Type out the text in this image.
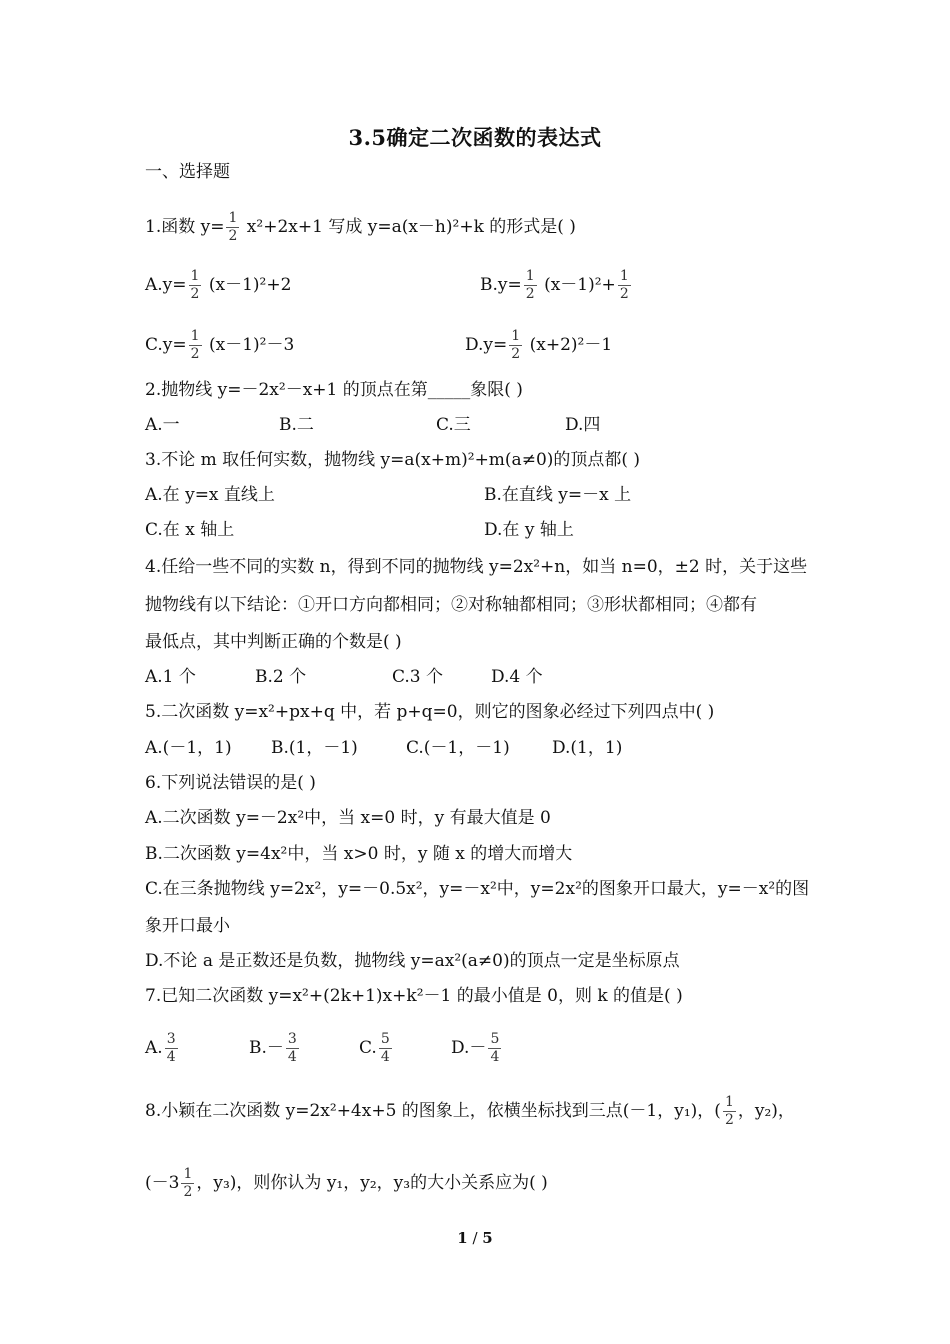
3.5确定二次函数的表达式
一、选择题
1.函数 $y= \frac{1}{2} x^2+2x+1$ 写成 y=a(x－h)²+k 的形式是( )
$A.y= \frac{1}{2} (x-1)^2+2$	$B.y= \frac{1}{2} (x-1)^2+ \frac{1}{2}$
$C.y= \frac{1}{2} (x-1)^2-3$	$D.y= \frac{1}{2} (x+2)^2-1$
2.抛物线 y=－2x²－x+1 的顶点在第_____象限( )
A.一	B.二	C.三	D.四
3.不论 m 取任何实数，抛物线 y=a(x+m)²+m(a≠0)的顶点都( )
A.在 y=x 直线上	B.在直线 y=－x 上
C.在 x 轴上	D.在 y 轴上
4.任给一些不同的实数 n，得到不同的抛物线 y=2x²+n，如当 n=0，±2 时，关于这些
抛物线有以下结论：①开口方向都相同；②对称轴都相同；③形状都相同；④都有
最低点，其中判断正确的个数是( )
A.1 个	B.2 个	C.3 个	D.4 个
5.二次函数 y=x²+px+q 中，若 p+q=0，则它的图象必经过下列四点中( )
A.(－1，1) B.(1，－1)	C.(－1，－1) D.(1，1)
6.下列说法错误的是( )
A.二次函数 y=－2x²中，当 x=0 时，y 有最大值是 0
B.二次函数 y=4x²中，当 x>0 时，y 随 x 的增大而增大
C.在三条抛物线 y=2x²，y=－0.5x²，y=－x²中，y=2x²的图象开口最大，y=－x²的图
象开口最小
D.不论 a 是正数还是负数，抛物线 y=ax²(a≠0)的顶点一定是坐标原点
7.已知二次函数 y=x²+(2k+1)x+k²－1 的最小值是 0，则 k 的值是( )
A. $\frac{3}{4}$	$B.- \frac{3}{4}$	C. $\frac{5}{4}$	$D.- \frac{5}{4}$
8.小颖在二次函数 y=2x²+4x+5 的图象上，依横坐标找到三点(－1，y₁)，( $\frac{1}{2}$ ，y₂)，
($-3 \frac{1}{2}$ ，y₃)，则你认为 y₁，y₂，y₃的大小关系应为( )
1 / 5
